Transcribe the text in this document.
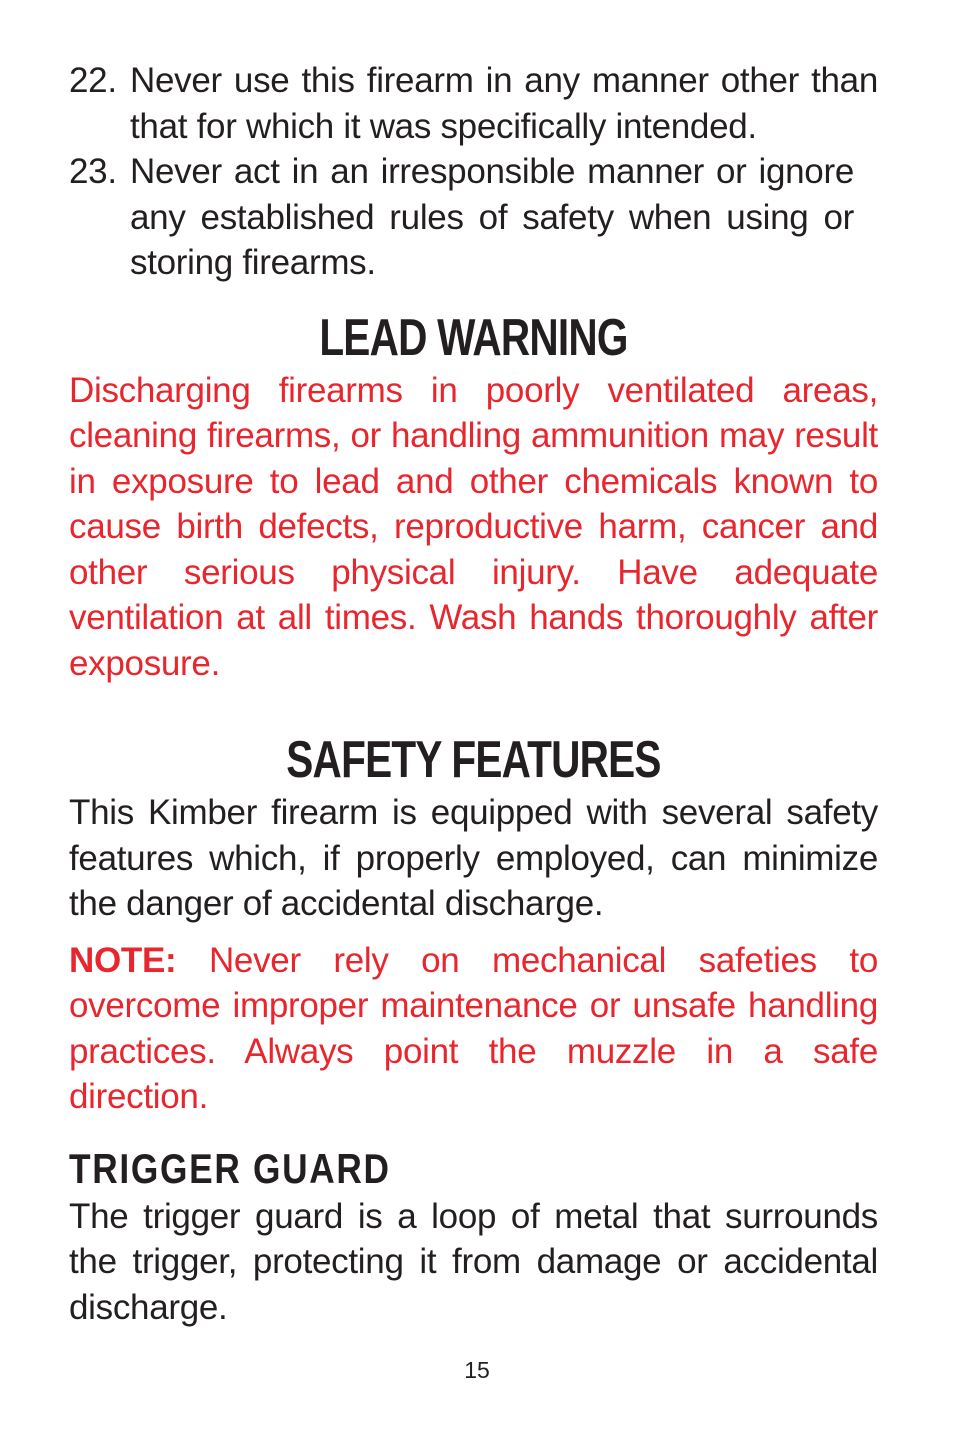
22. Never use this firearm in any manner other than that for which it was specifically intended.
23. Never act in an irresponsible manner or ignore any established rules of safety when using or storing firearms.
LEAD WARNING

Discharging firearms in poorly ventilated areas, cleaning firearms, or handling ammunition may result in exposure to lead and other chemicals known to cause birth defects, reproductive harm, cancer and other serious physical injury. Have adequate ventilation at all times. Wash hands thoroughly after exposure.

SAFETY FEATURES

This Kimber firearm is equipped with several safety features which, if properly employed, can minimize the danger of accidental discharge.

NOTE: Never rely on mechanical safeties to overcome improper maintenance or unsafe handling practices. Always point the muzzle in a safe direction.

TRIGGER GUARD

The trigger guard is a loop of metal that surrounds the trigger, protecting it from damage or accidental discharge.

15
